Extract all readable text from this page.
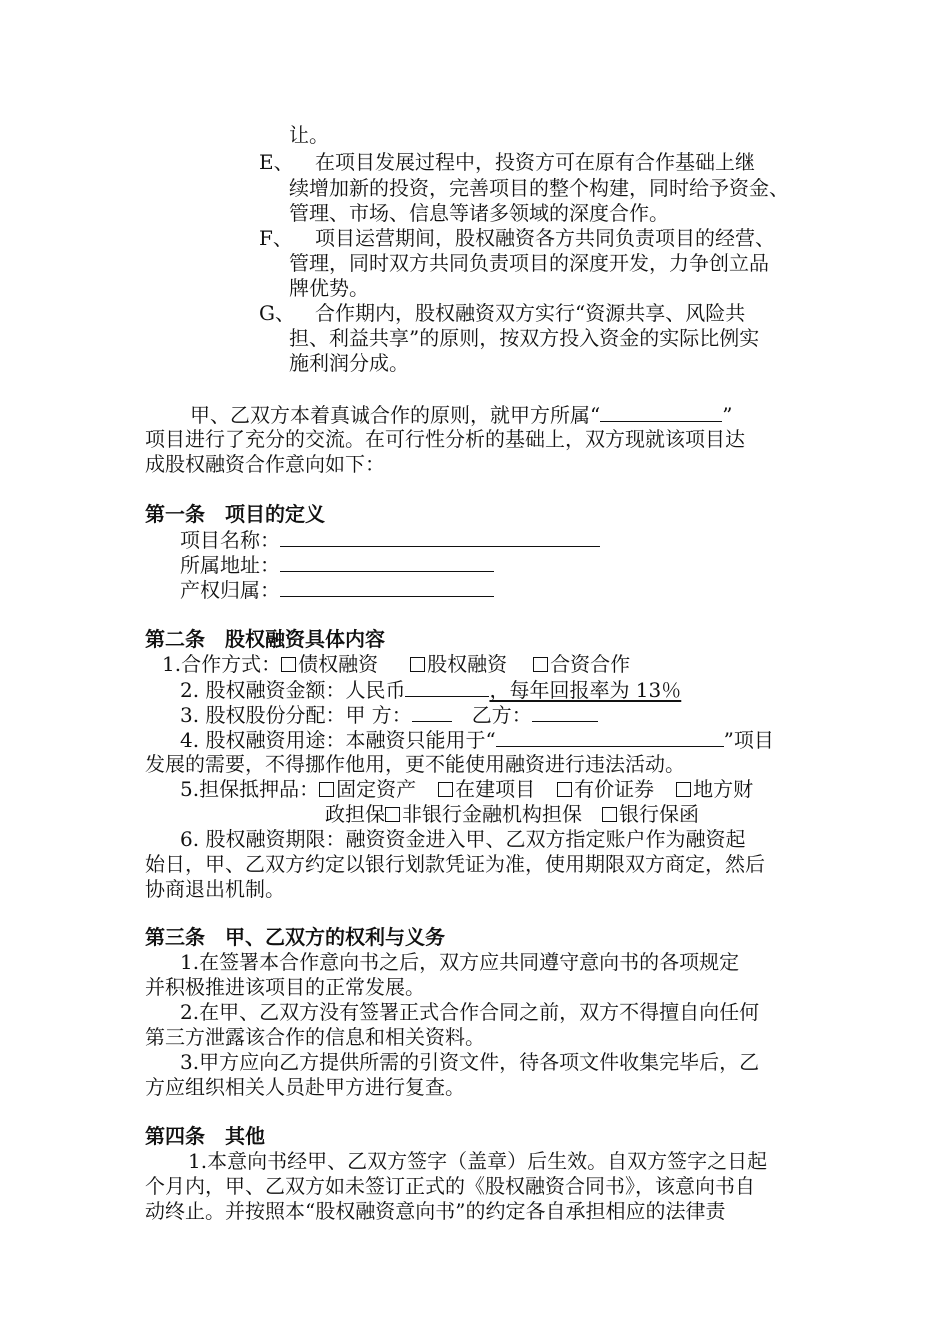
让。
E、 在项目发展过程中，投资方可在原有合作基础上继
续增加新的投资，完善项目的整个构建，同时给予资金、
管理、市场、信息等诸多领域的深度合作。
F、 项目运营期间，股权融资各方共同负责项目的经营、
管理，同时双方共同负责项目的深度开发，力争创立品
牌优势。
G、 合作期内，股权融资双方实行“资源共享、风险共
担、利益共享”的原则，按双方投入资金的实际比例实
施利润分成。
甲、乙双方本着真诚合作的原则，就甲方所属“	”
项目进行了充分的交流。在可行性分析的基础上，双方现就该项目达
成股权融资合作意向如下：
第一条　项目的定义
项目名称：
所属地址：
产权归属：
第二条　股权融资具体内容
1.合作方式： 债权融资 股权融资 合资合作
2. 股权融资金额：人民币	，每年回报率为 13％
3. 股权股份分配：甲 方：	乙方：
4. 股权融资用途：本融资只能用于“	”项目
发展的需要，不得挪作他用，更不能使用融资进行违法活动。
5.担保抵押品： 固定资产 在建项目 有价证券 地方财
政担保 非银行金融机构担保 银行保函
6. 股权融资期限：融资资金进入甲、乙双方指定账户作为融资起
始日，甲、乙双方约定以银行划款凭证为准，使用期限双方商定，然后
协商退出机制。
第三条　甲、乙双方的权利与义务
1.在签署本合作意向书之后，双方应共同遵守意向书的各项规定
并积极推进该项目的正常发展。
2.在甲、乙双方没有签署正式合作合同之前，双方不得擅自向任何
第三方泄露该合作的信息和相关资料。
3.甲方应向乙方提供所需的引资文件，待各项文件收集完毕后，乙
方应组织相关人员赴甲方进行复查。
第四条　其他
1.本意向书经甲、乙双方签字（盖章）后生效。自双方签字之日起
个月内，甲、乙双方如未签订正式的《股权融资合同书》，该意向书自
动终止。并按照本“股权融资意向书”的约定各自承担相应的法律责
